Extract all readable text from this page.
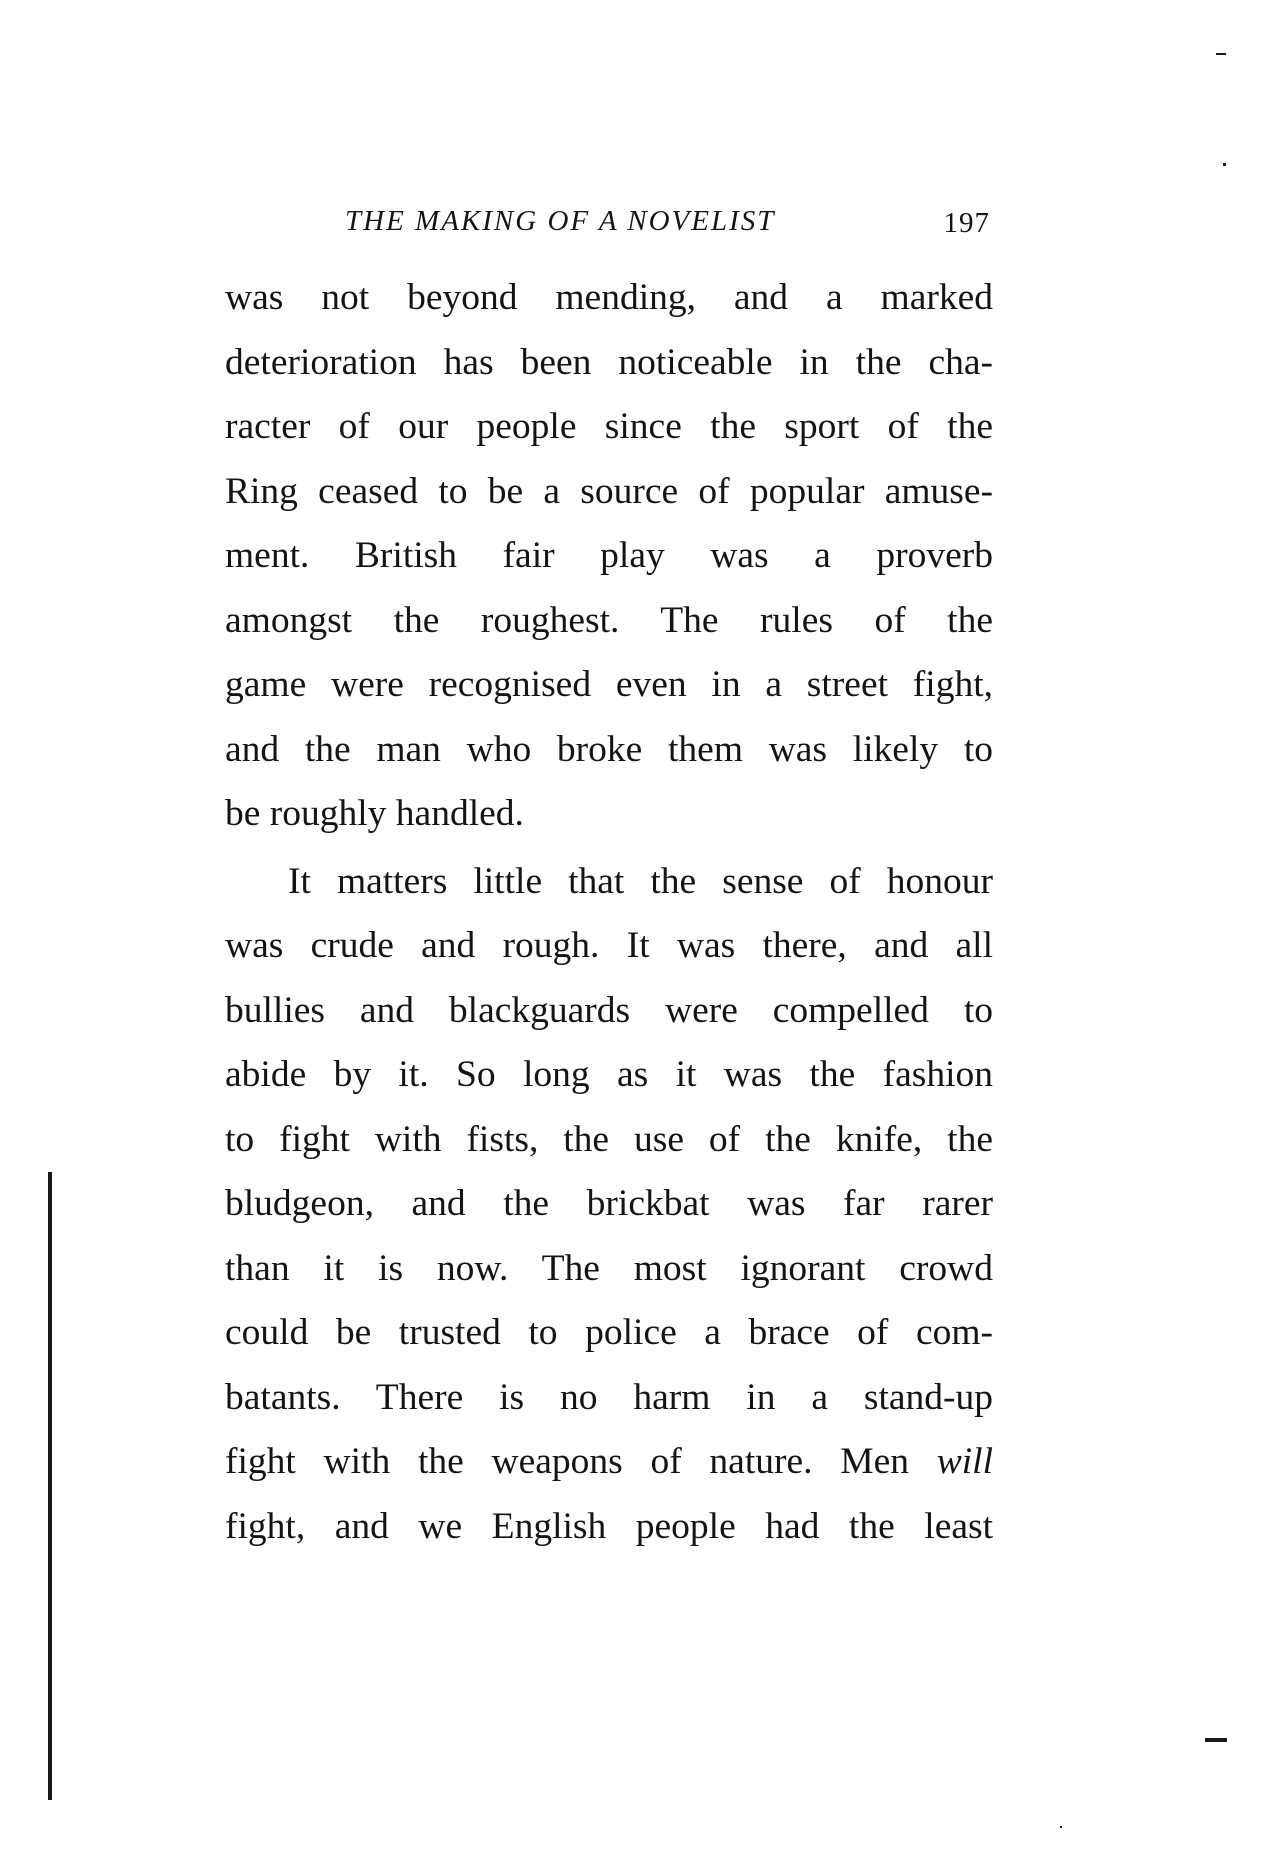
THE MAKING OF A NOVELIST	197
was not beyond mending, and a marked
deterioration has been noticeable in the cha-
racter of our people since the sport of the
Ring ceased to be a source of popular amuse-
ment. British fair play was a proverb
amongst the roughest. The rules of the
game were recognised even in a street fight,
and the man who broke them was likely to
be roughly handled.
It matters little that the sense of honour
was crude and rough. It was there, and all
bullies and blackguards were compelled to
abide by it. So long as it was the fashion
to fight with fists, the use of the knife, the
bludgeon, and the brickbat was far rarer
than it is now. The most ignorant crowd
could be trusted to police a brace of com-
batants. There is no harm in a stand-up
fight with the weapons of nature. Men will
fight, and we English people had the least
